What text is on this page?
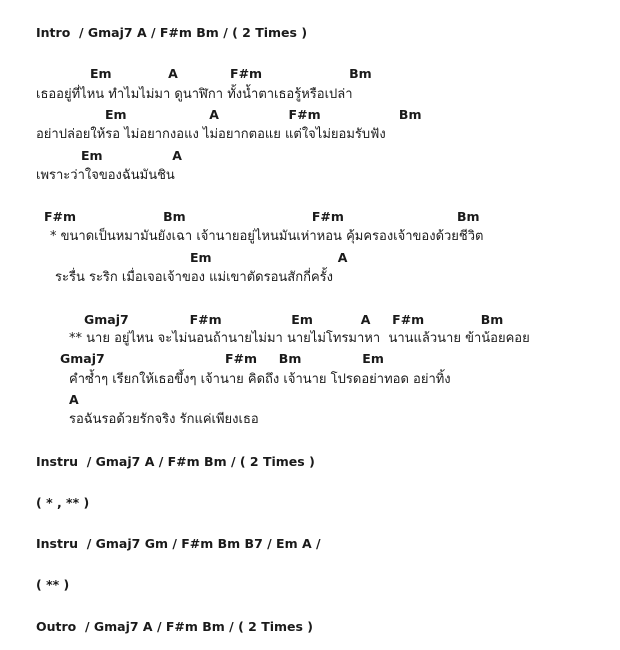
Intro  / Gmaj7 A / F#m Bm / ( 2 Times )

Em             A            F#m                    Bm

เธออยู่ที่ไหน ทำไมไม่มา ดูนาฬิกา ทั้งน้ำตาเธอรู้หรือเปล่า

Em                   A                F#m                  Bm

อย่าปล่อยให้รอ ไม่อยากงอแง ไม่อยากตอแย แต่ใจไม่ยอมรับฟัง

Em                A

เพราะว่าใจของฉันมันชิน

F#m                    Bm                             F#m                          Bm

* ขนาดเป็นหมามันยังเฉา เจ้านายอยู่ไหนมันเห่าหอน คุ้มครองเจ้าของด้วยชีวิต

Em                             A

ระรื่น ระริก เมื่อเจอเจ้าของ แม่เขาตัดรอนสักกี่ครั้ง

Gmaj7              F#m                Em           A     F#m             Bm

** นาย อยู่ไหน จะไม่นอนถ้านายไม่มา นายไม่โทรมาหา  นานแล้วนาย ข้าน้อยคอย

Gmaj7	F#m     Bm              Em

คำซ้ำๆ เรียกให้เธอขึ้งๆ เจ้านาย คิดถึง เจ้านาย โปรดอย่าทอด อย่าทิ้ง

A

รอฉันรอด้วยรักจริง รักแค่เพียงเธอ

Instru  / Gmaj7 A / F#m Bm / ( 2 Times )

( * , ** )

Instru  / Gmaj7 Gm / F#m Bm B7 / Em A /

( ** )

Outro  / Gmaj7 A / F#m Bm / ( 2 Times )
